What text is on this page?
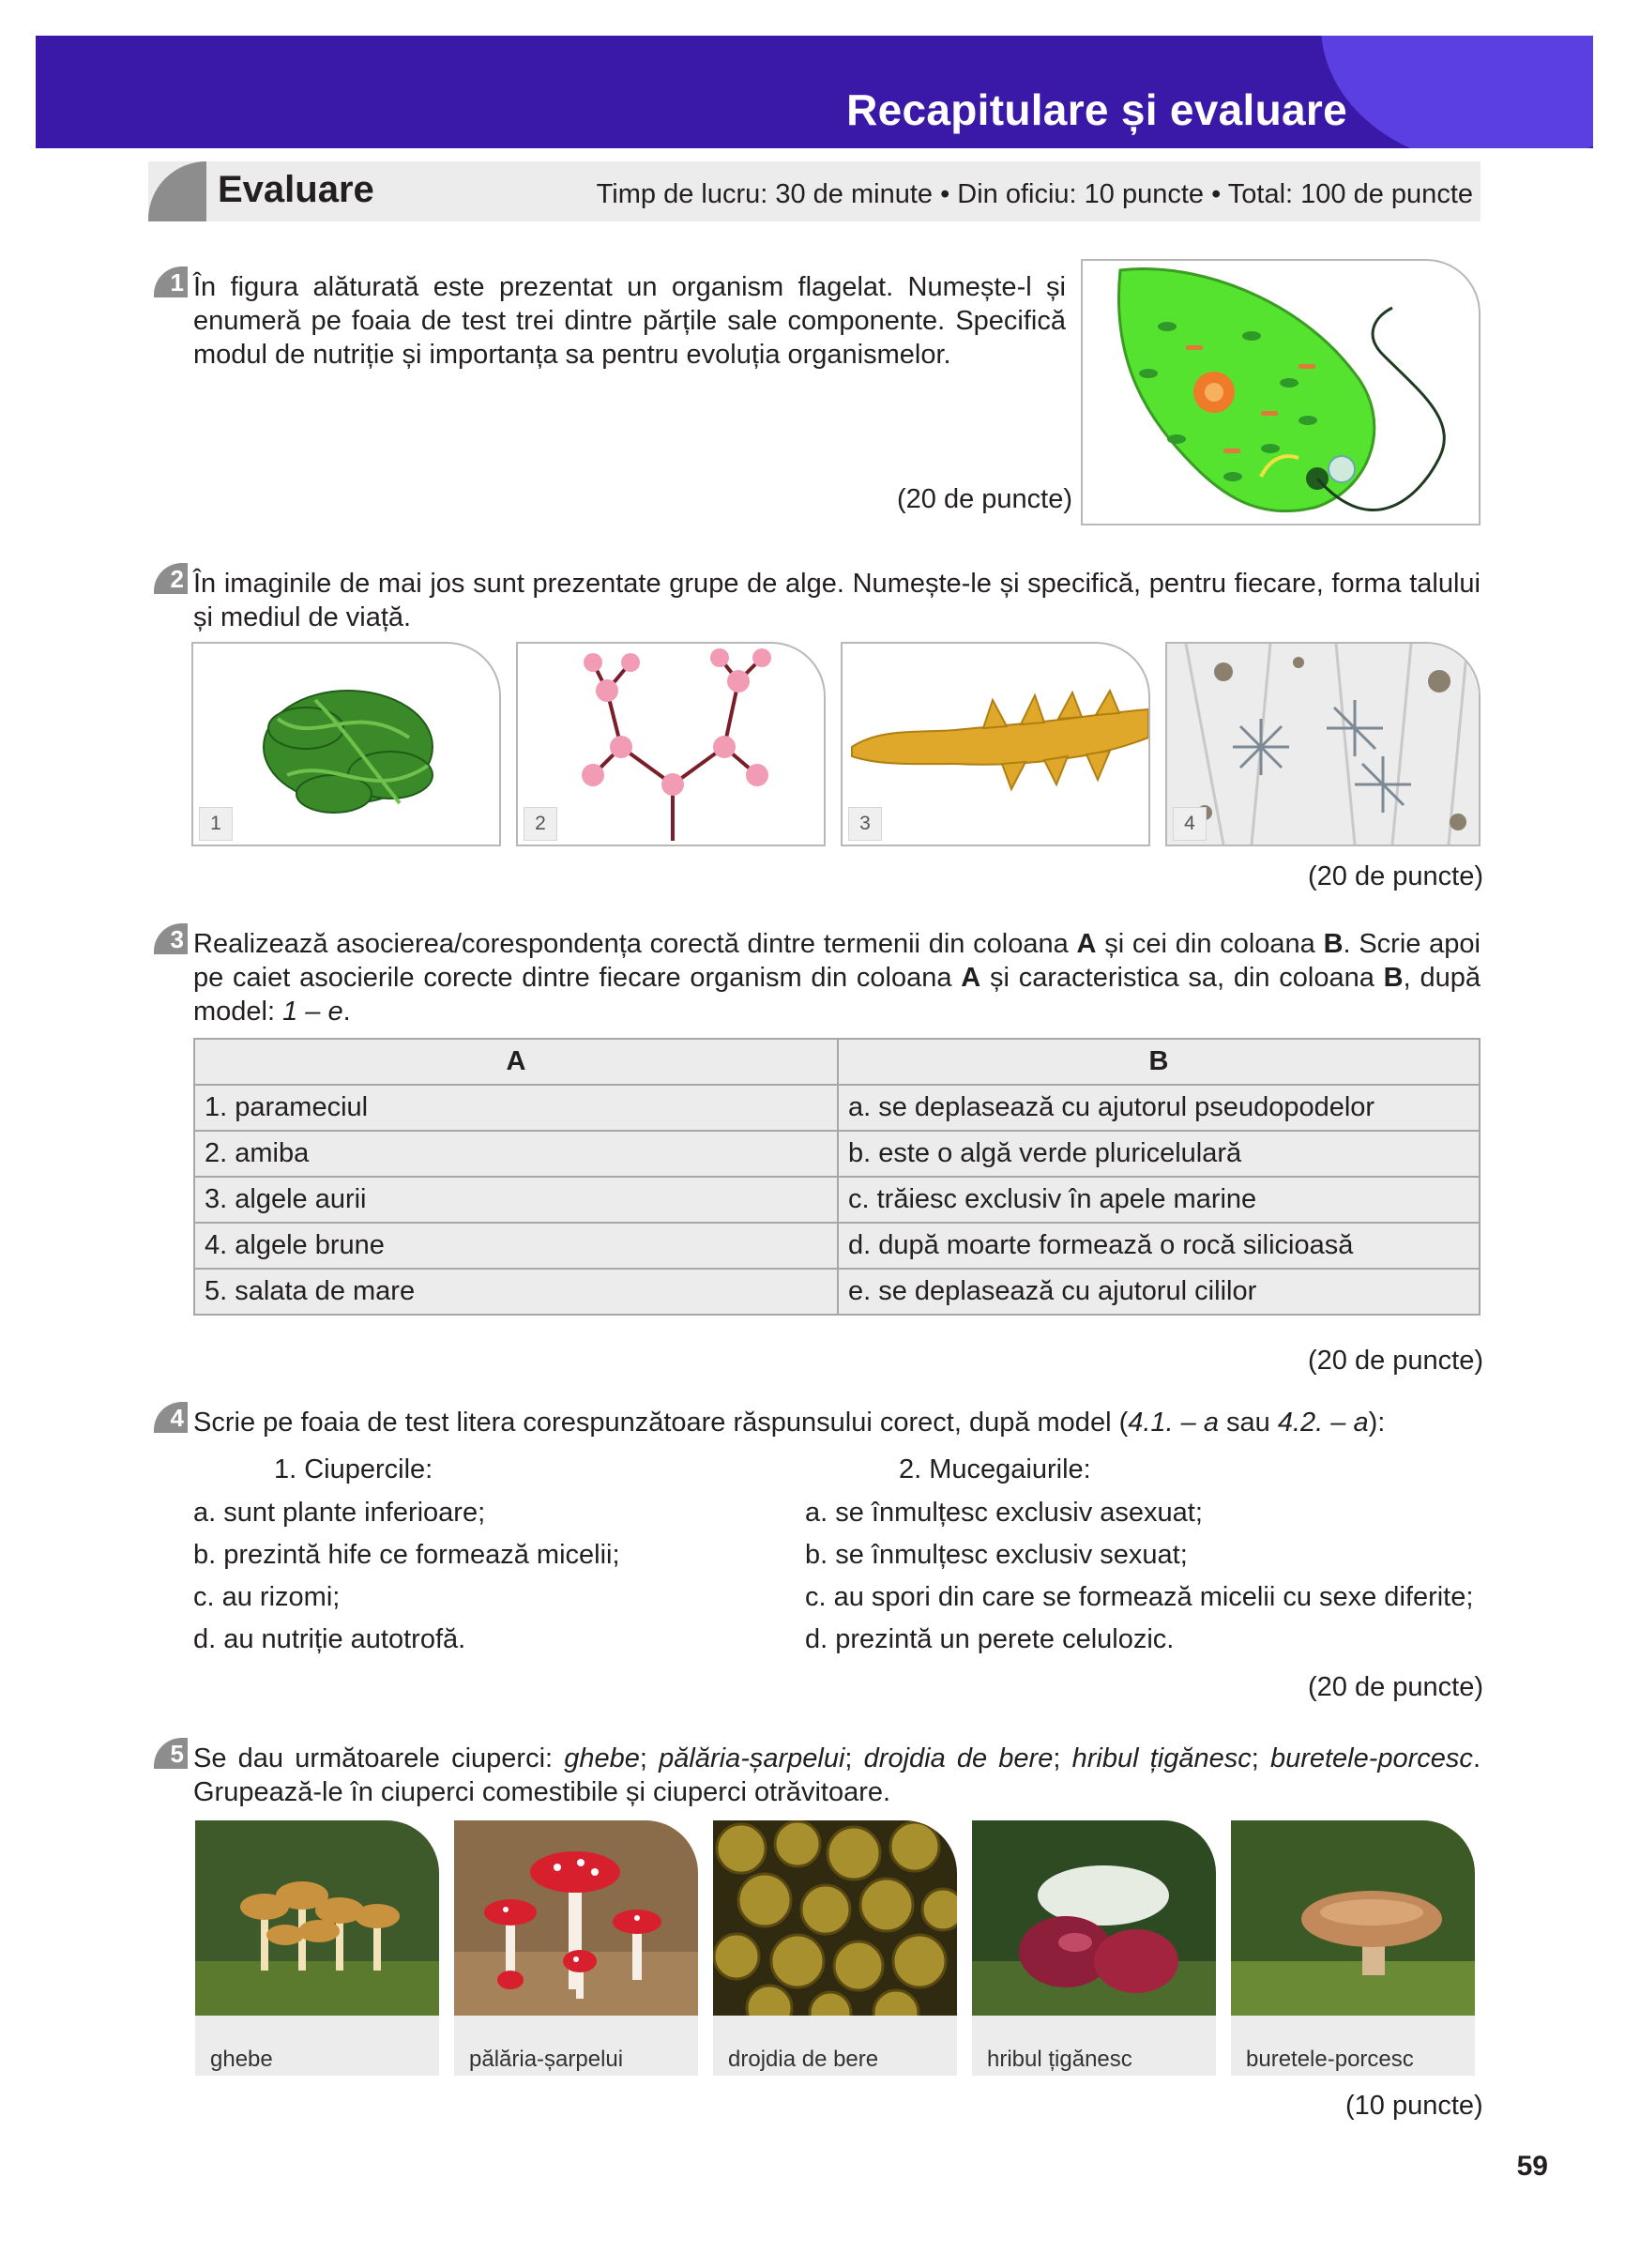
Recapitulare și evaluare
Evaluare	Timp de lucru: 30 de minute • Din oficiu: 10 puncte • Total: 100 de puncte
1 În figura alăturată este prezentat un organism flagelat. Numește-l și enumeră pe foaia de test trei dintre părțile sale componente. Specifică modul de nutriție și importanța sa pentru evoluția organismelor.
(20 de puncte)
2 În imaginile de mai jos sunt prezentate grupe de alge. Numește-le și specifică, pentru fiecare, forma talului și mediul de viață.
1	2	3	4
(20 de puncte)
3 Realizează asocierea/corespondența corectă dintre termenii din coloana A și cei din coloana B. Scrie apoi pe caiet asocierile corecte dintre fiecare organism din coloana A și caracteristica sa, din coloana B, după model: 1 – e.
A	B
1. parameciul	a. se deplasează cu ajutorul pseudopodelor
2. amiba	b. este o algă verde pluricelulară
3. algele aurii	c. trăiesc exclusiv în apele marine
4. algele brune	d. după moarte formează o rocă silicioasă
5. salata de mare	e. se deplasează cu ajutorul cililor
(20 de puncte)
4 Scrie pe foaia de test litera corespunzătoare răspunsului corect, după model (4.1. – a sau 4.2. – a):
1. Ciupercile:
a. sunt plante inferioare;
b. prezintă hife ce formează micelii;
c. au rizomi;
d. au nutriție autotrofă.
2. Mucegaiurile:
a. se înmulțesc exclusiv asexuat;
b. se înmulțesc exclusiv sexuat;
c. au spori din care se formează micelii cu sexe diferite;
d. prezintă un perete celulozic.
(20 de puncte)
5 Se dau următoarele ciuperci: ghebe; pălăria-șarpelui; drojdia de bere; hribul țigănesc; buretele-porcesc. Grupează-le în ciuperci comestibile și ciuperci otrăvitoare.
ghebe	pălăria-șarpelui	drojdia de bere	hribul țigănesc	buretele-porcesc
(10 puncte)
59
